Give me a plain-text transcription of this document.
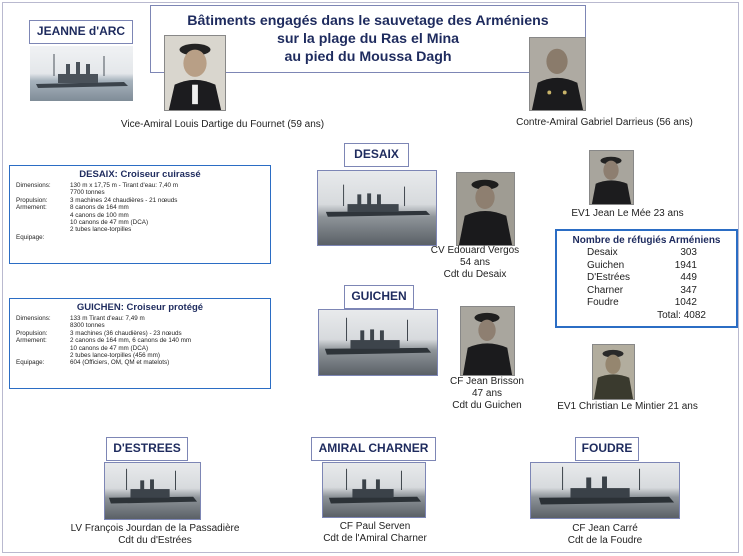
Bâtiments engagés dans le sauvetage des Arméniens
sur la plage du Ras el Mina
au pied du Moussa Dagh
JEANNE d'ARC
Vice-Amiral Louis Dartige du Fournet (59 ans)	Contre-Amiral Gabriel Darrieus (56 ans)
DESAIX
CV Edouard Vergos
54 ans
Cdt du Desaix
EV1 Jean Le Mée 23 ans
DESAIX: Croiseur cuirassé
Dimensions:	130 m x 17,75 m - Tirant d'eau: 7,40 m
7700 tonnes
Propulsion:	3 machines 24 chaudières - 21 nœuds
Armement:	8 canons de 164 mm
4 canons de 100 mm
10 canons de 47 mm (DCA)
2 tubes lance-torpilles
Equipage:
GUICHEN
CF Jean Brisson
47 ans
Cdt du Guichen	EV1 Christian Le Mintier 21 ans
GUICHEN: Croiseur protégé
Dimensions:	133 m Tirant d'eau: 7,49 m
8300 tonnes
Propulsion:	3 machines (36 chaudières) - 23 nœuds
Armement:	2 canons de 164 mm, 6 canons de 140 mm
10 canons de 47 mm (DCA)
2 tubes lance-torpilles (456 mm)
Equipage:	604 (Officiers, OM, QM et matelots)
Nombre de réfugiés Arméniens
Desaix	303
Guichen	1941
D'Estrées	449
Charner	347
Foudre	1042
Total: 4082
D'ESTREES
LV François Jourdan de la Passadière
Cdt du d'Estrées
AMIRAL CHARNER
CF Paul Serven
Cdt de l'Amiral Charner
FOUDRE
CF Jean Carré
Cdt de la Foudre
